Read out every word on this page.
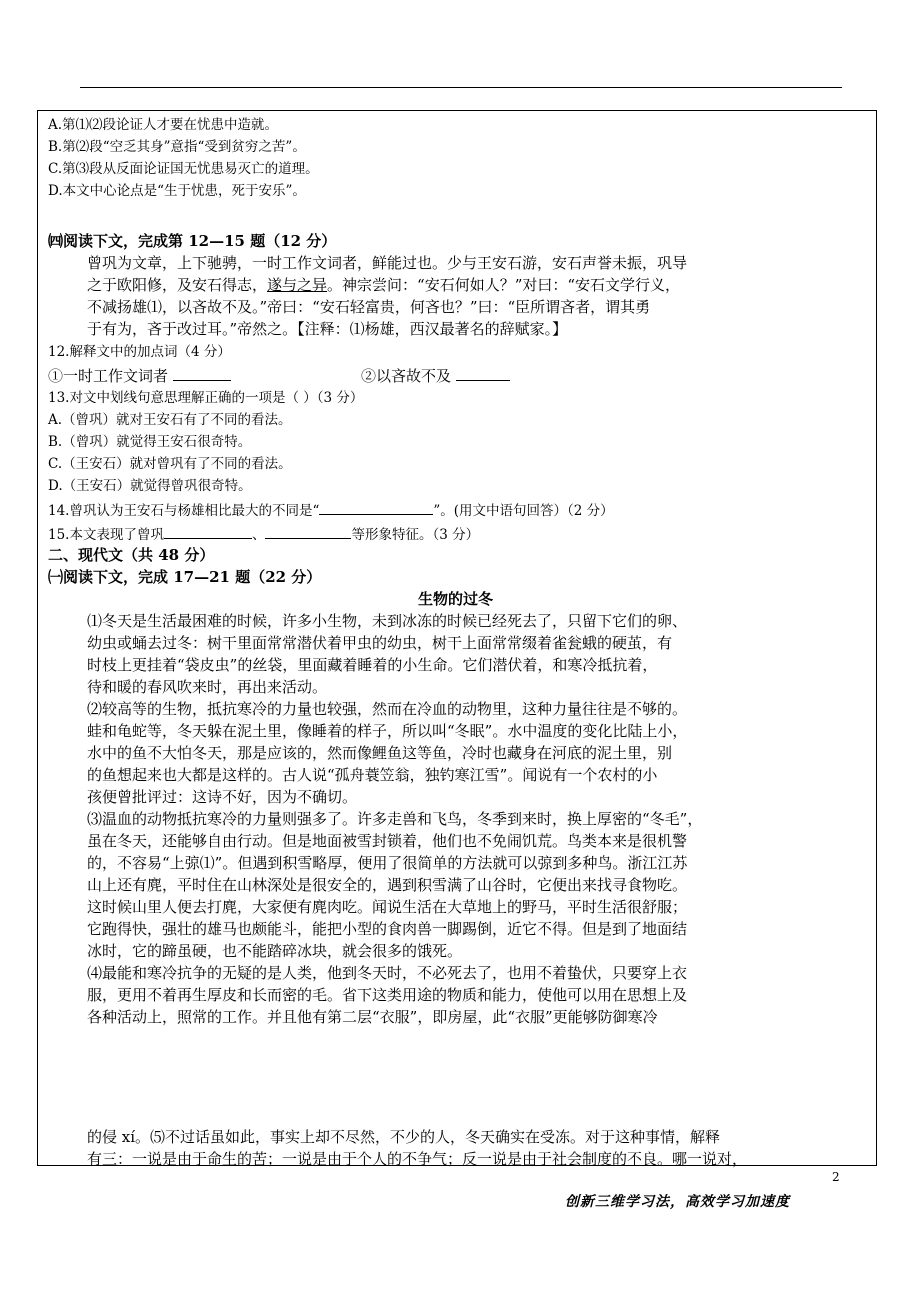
A.第⑴⑵段论证人才要在忧患中造就。
B.第⑵段“空乏其身”意指“受到贫穷之苦”。
C.第⑶段从反面论证国无忧患易灭亡的道理。
D.本文中心论点是“生于忧患，死于安乐”。
㈣阅读下文，完成第 12—15 题（12 分）
曾巩为文章，上下驰骋，一时工作文词者，鲜能过也。少与王安石游，安石声誉未振，巩导
之于欧阳修，及安石得志，遂与之异。神宗尝问：“安石何如人？”对曰：“安石文学行义，
不减扬雄⑴，以吝故不及。”帝曰：“安石轻富贵，何吝也？”曰：“臣所谓吝者，谓其勇
于有为，吝于改过耳。”帝然之。【注释：⑴杨雄，西汉最著名的辞赋家。】
12.解释文中的加点词（4 分）
①一时工作文词者	②以吝故不及
13.对文中划线句意思理解正确的一项是（ ）（3 分）
A.（曾巩）就对王安石有了不同的看法。
B.（曾巩）就觉得王安石很奇特。
C.（王安石）就对曾巩有了不同的看法。
D.（王安石）就觉得曾巩很奇特。
14.曾巩认为王安石与杨雄相比最大的不同是“	”。(用文中语句回答）（2 分）
15.本文表现了曾巩	、	等形象特征。（3 分）
二、现代文（共 48 分）
㈠阅读下文，完成 17—21 题（22 分）
生物的过冬
⑴冬天是生活最困难的时候，许多小生物，未到冰冻的时候已经死去了，只留下它们的卵、
幼虫或蛹去过冬：树干里面常常潜伏着甲虫的幼虫，树干上面常常缀着雀瓮蛾的硬茧，有
时枝上更挂着“袋皮虫”的丝袋，里面藏着睡着的小生命。它们潜伏着，和寒冷抵抗着，
待和暖的春风吹来时，再出来活动。
⑵较高等的生物，抵抗寒冷的力量也较强，然而在冷血的动物里，这种力量往往是不够的。
蛙和龟蛇等，冬天躲在泥土里，像睡着的样子，所以叫“冬眠”。水中温度的变化比陆上小，
水中的鱼不大怕冬天，那是应该的，然而像鲤鱼这等鱼，冷时也藏身在河底的泥土里，别
的鱼想起来也大都是这样的。古人说“孤舟蓑笠翁，独钓寒江雪”。闻说有一个农村的小
孩便曾批评过：这诗不好，因为不确切。
⑶温血的动物抵抗寒冷的力量则强多了。许多走兽和飞鸟，冬季到来时，换上厚密的“冬毛”，
虽在冬天，还能够自由行动。但是地面被雪封锁着，他们也不免闹饥荒。鸟类本来是很机警
的，不容易“上弶⑴”。但遇到积雪略厚，便用了很简单的方法就可以弶到多种鸟。浙江江苏
山上还有麂，平时住在山林深处是很安全的，遇到积雪满了山谷时，它便出来找寻食物吃。
这时候山里人便去打麂，大家便有麂肉吃。闻说生活在大草地上的野马，平时生活很舒服；
它跑得快，强壮的雄马也颇能斗，能把小型的食肉兽一脚踢倒，近它不得。但是到了地面结
冰时，它的蹄虽硬，也不能踏碎冰块，就会很多的饿死。
⑷最能和寒冷抗争的无疑的是人类，他到冬天时，不必死去了，也用不着蛰伏，只要穿上衣
服，更用不着再生厚皮和长而密的毛。省下这类用途的物质和能力，使他可以用在思想上及
各种活动上，照常的工作。并且他有第二层“衣服”，即房屋，此“衣服”更能够防御寒冷
的侵 xí。⑸不过话虽如此，事实上却不尽然，不少的人，冬天确实在受冻。对于这种事情，解释
有三：一说是由于命生的苦；一说是由于个人的不争气；反一说是由于社会制度的不良。哪一说对，
2
创新三维学习法，高效学习加速度
